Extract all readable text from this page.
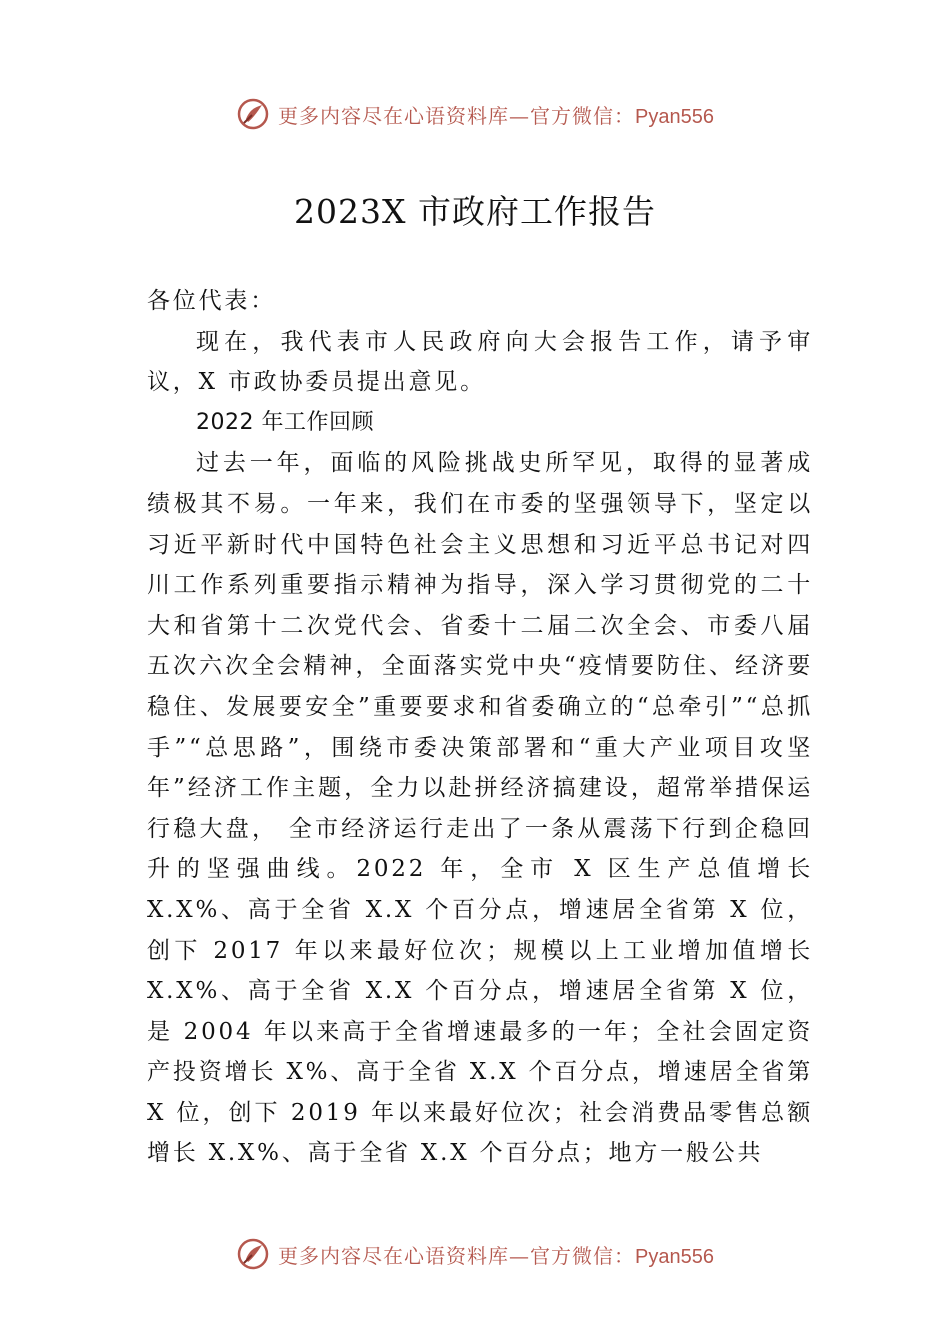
更多内容尽在心语资料库—官方微信：Pyan556
2023X 市政府工作报告

各位代表：

现在，我代表市人民政府向大会报告工作，请予审议，X 市政协委员提出意见。

2022 年工作回顾

过去一年，面临的风险挑战史所罕见，取得的显著成绩极其不易。一年来，我们在市委的坚强领导下，坚定以习近平新时代中国特色社会主义思想和习近平总书记对四川工作系列重要指示精神为指导，深入学习贯彻党的二十大和省第十二次党代会、省委十二届二次全会、市委八届五次六次全会精神，全面落实党中央“疫情要防住、经济要稳住、发展要安全”重要要求和省委确立的“总牵引”“总抓手”“总思路”，围绕市委决策部署和“重大产业项目攻坚年”经济工作主题，全力以赴拼经济搞建设，超常举措保运行稳大盘， 全市经济运行走出了一条从震荡下行到企稳回升的坚强曲线。2022 年，全市 X 区生产总值增长 X.X%、高于全省 X.X 个百分点，增速居全省第 X 位，创下 2017 年以来最好位次；规模以上工业增加值增长 X.X%、高于全省 X.X 个百分点，增速居全省第 X 位，是 2004 年以来高于全省增速最多的一年；全社会固定资产投资增长 X%、高于全省 X.X 个百分点，增速居全省第 X 位，创下 2019 年以来最好位次；社会消费品零售总额增长 X.X%、高于全省 X.X 个百分点；地方一般公共

更多内容尽在心语资料库—官方微信：Pyan556
